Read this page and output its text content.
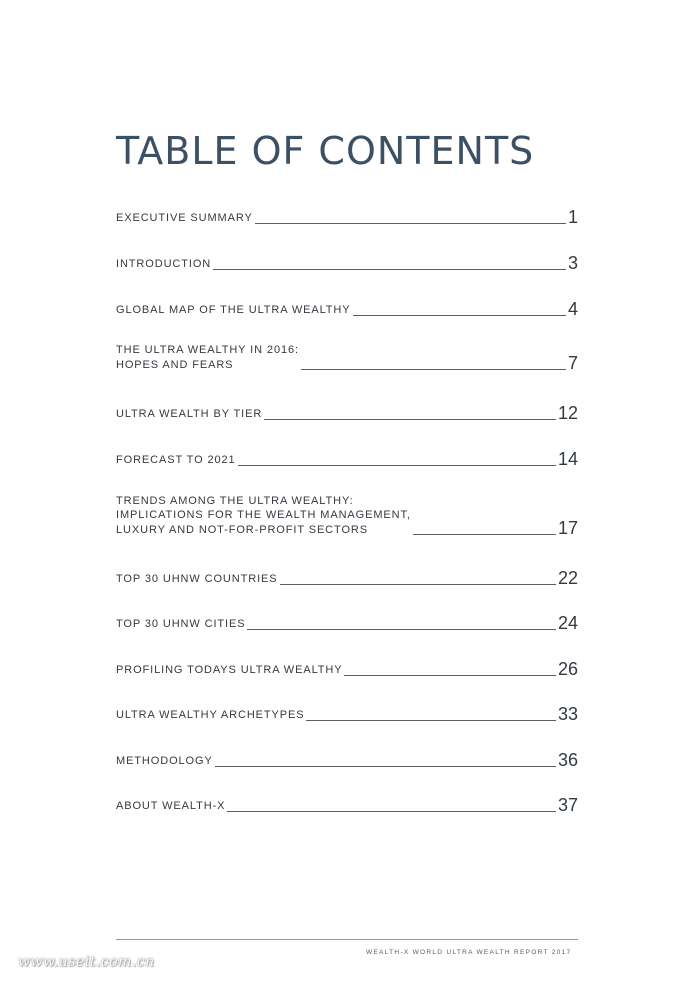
TABLE OF CONTENTS
EXECUTIVE SUMMARY	1
INTRODUCTION	3
GLOBAL MAP OF THE ULTRA WEALTHY	4
THE ULTRA WEALTHY IN 2016:
HOPES AND FEARS	7
ULTRA WEALTH BY TIER	12
FORECAST TO 2021	14
TRENDS AMONG THE ULTRA WEALTHY:
IMPLICATIONS FOR THE WEALTH MANAGEMENT,
LUXURY AND NOT-FOR-PROFIT SECTORS	17
TOP 30 UHNW COUNTRIES	22
TOP 30 UHNW CITIES	24
PROFILING TODAYS ULTRA WEALTHY	26
ULTRA WEALTHY ARCHETYPES	33
METHODOLOGY	36
ABOUT WEALTH-X	37
WEALTH-X WORLD ULTRA WEALTH REPORT 2017
www.useit.com.cn
